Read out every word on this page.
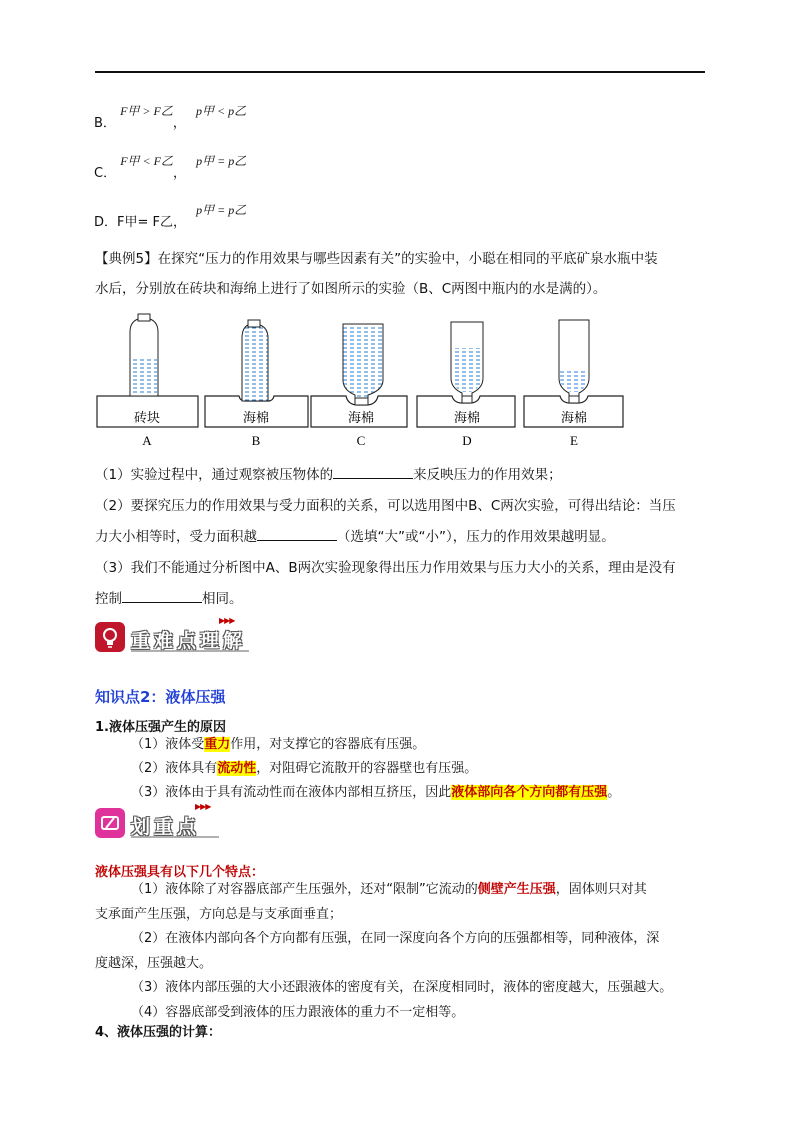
B． F甲 > F乙， p甲 < p乙
C． F甲 < F乙， p甲 = p乙
D．F甲= F乙， p甲 = p乙
【典例5】在探究“压力的作用效果与哪些因素有关”的实验中，小聪在相同的平底矿泉水瓶中装
水后，分别放在砖块和海绵上进行了如图所示的实验（B、C两图中瓶内的水是满的）。
砖块
A
海棉
B
海棉
C
海棉
D
海棉
E
（1）实验过程中，通过观察被压物体的	来反映压力的作用效果；
（2）要探究压力的作用效果与受力面积的关系，可以选用图中B、C两次实验，可得出结论：当压
力大小相等时，受力面积越	（选填“大”或“小”），压力的作用效果越明显。
（3）我们不能通过分析图中A、B两次实验现象得出压力作用效果与压力大小的关系，理由是没有
控制	相同。
重难点理解
▶▶▶
知识点2：液体压强
1.液体压强产生的原因
（1）液体受重力作用，对支撑它的容器底有压强。
（2）液体具有流动性，对阻碍它流散开的容器壁也有压强。
（3）液体由于具有流动性而在液体内部相互挤压，因此液体部向各个方向都有压强。
划重点
▶▶▶
液体压强具有以下几个特点：
（1）液体除了对容器底部产生压强外，还对“限制”它流动的侧壁产生压强，固体则只对其
支承面产生压强，方向总是与支承面垂直；
（2）在液体内部向各个方向都有压强，在同一深度向各个方向的压强都相等，同种液体，深
度越深，压强越大。
（3）液体内部压强的大小还跟液体的密度有关，在深度相同时，液体的密度越大，压强越大。
（4）容器底部受到液体的压力跟液体的重力不一定相等。
4、液体压强的计算：
